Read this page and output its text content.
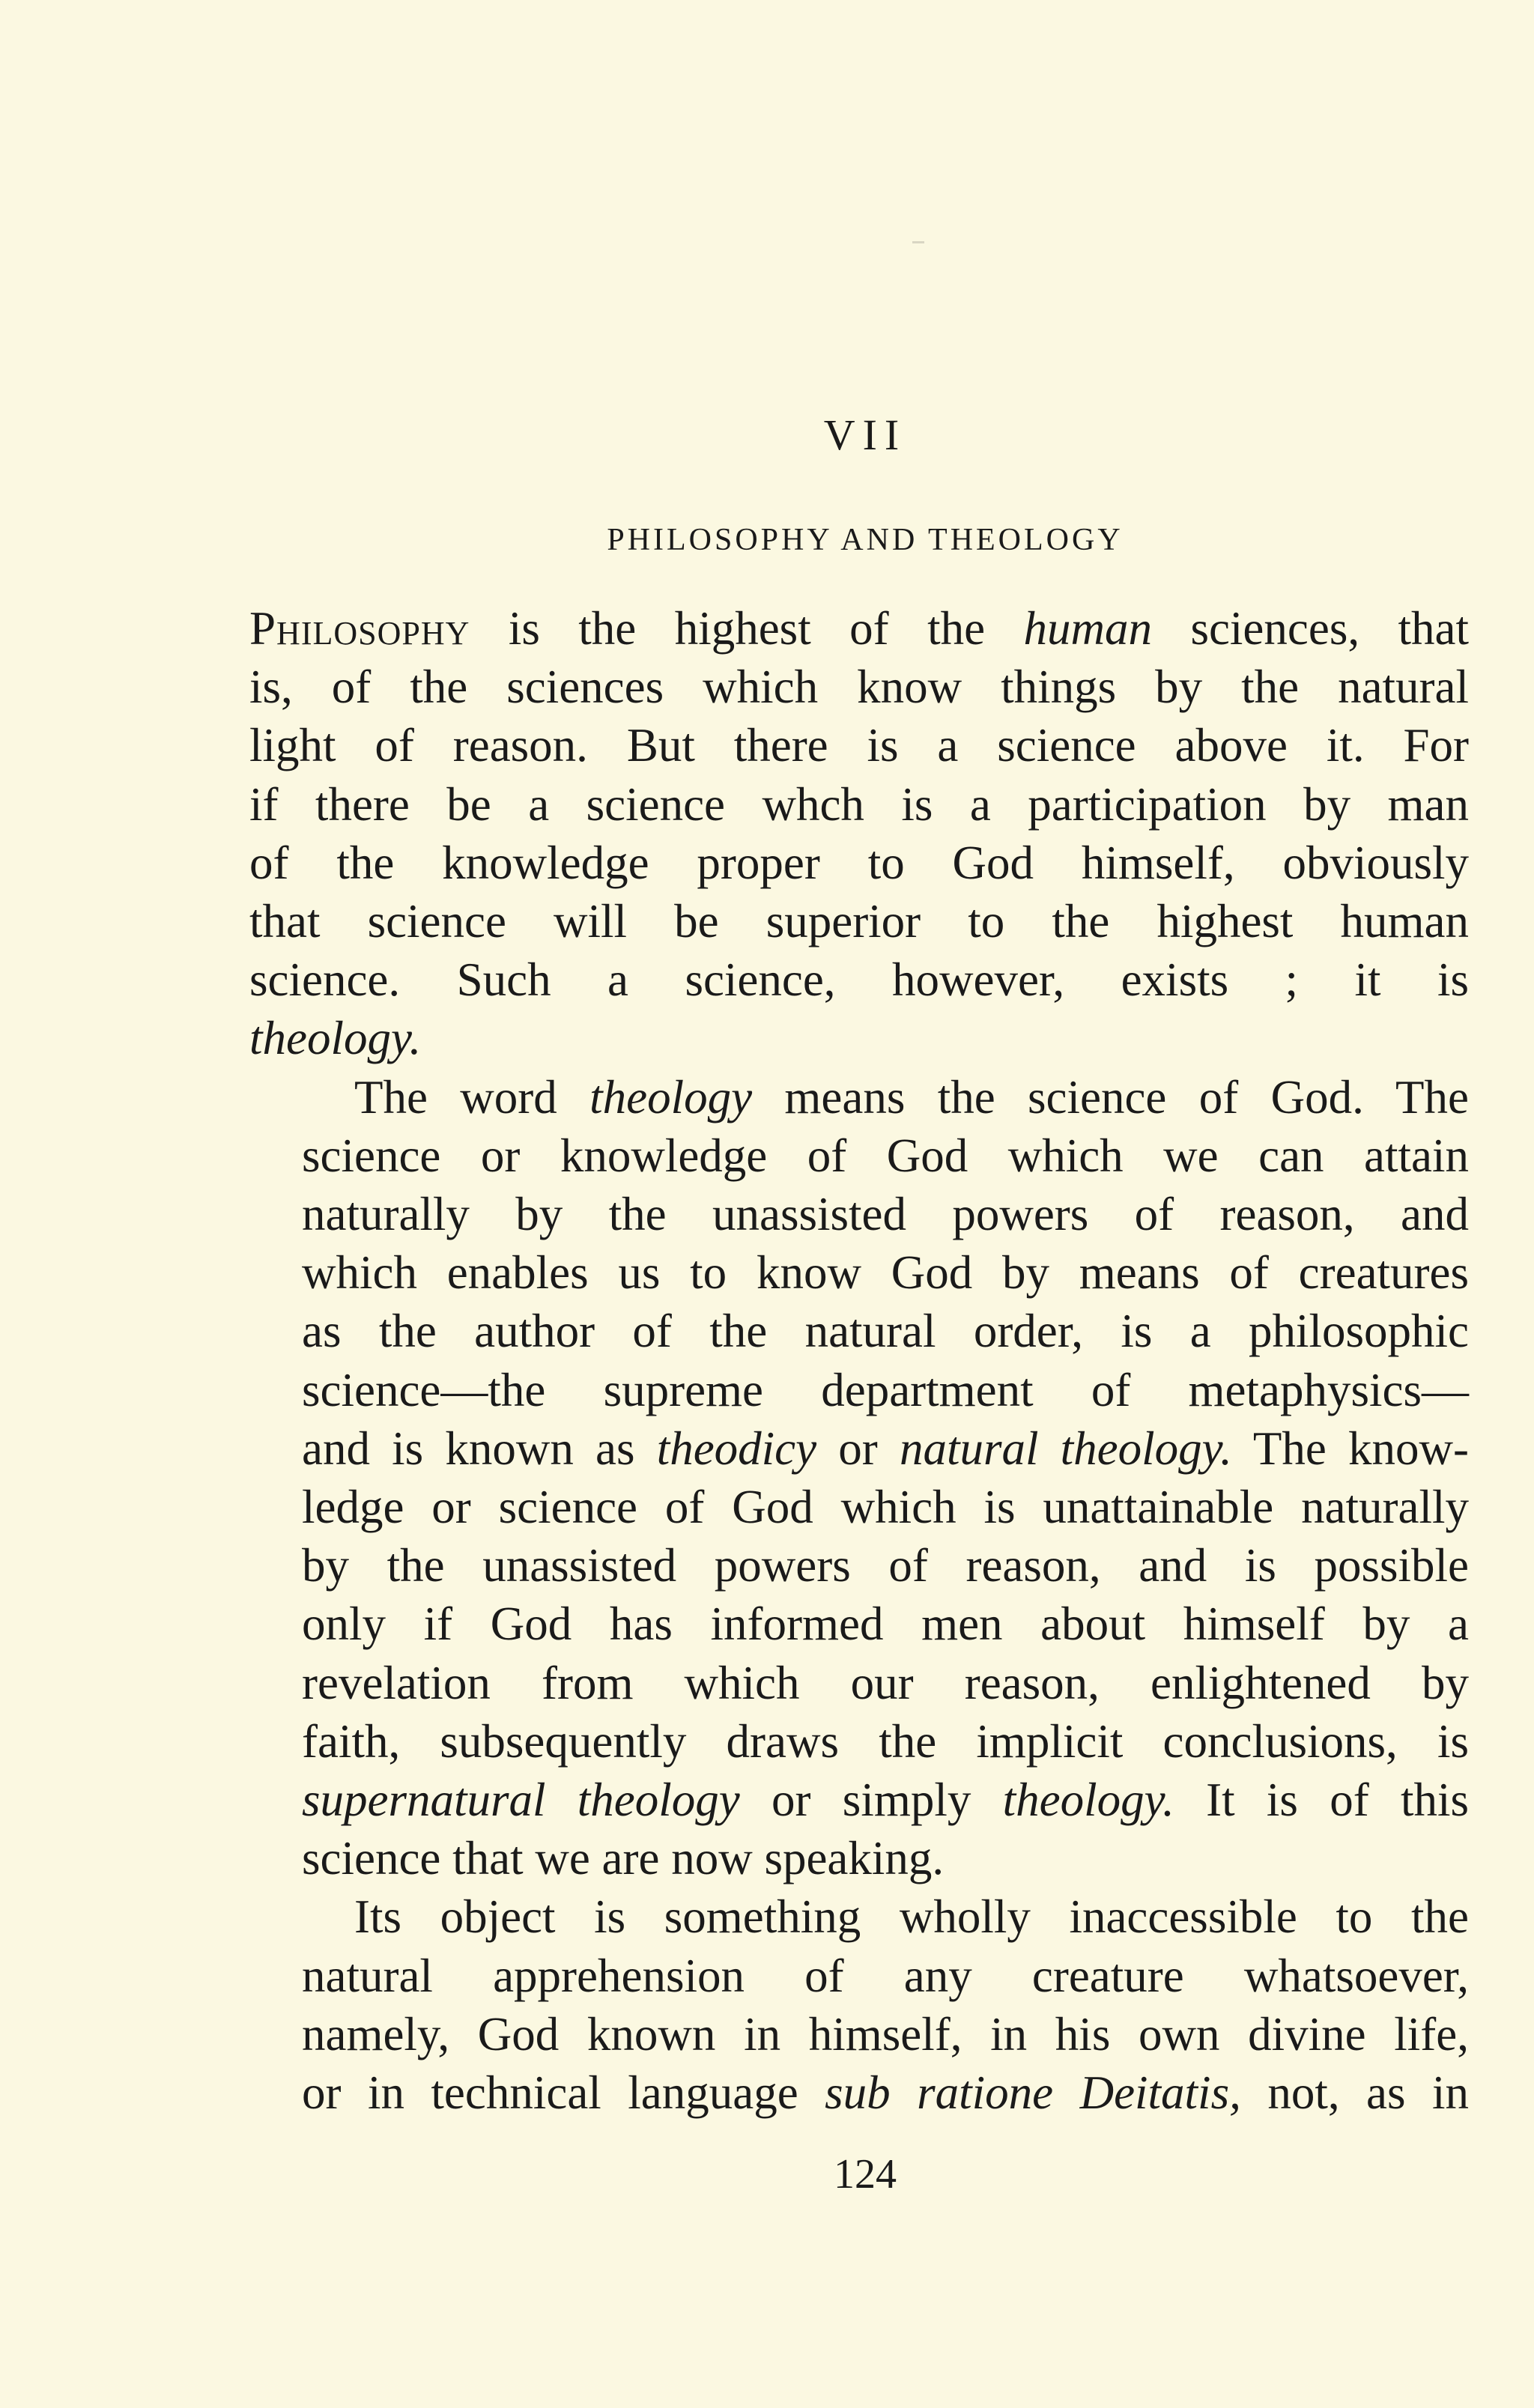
VII
PHILOSOPHY AND THEOLOGY

Philosophy is the highest of the human sciences, that
is, of the sciences which know things by the natural
light of reason. But there is a science above it. For
if there be a science whch is a participation by man
of the knowledge proper to God himself, obviously
that science will be superior to the highest human
science. Such a science, however, exists ; it is
theology.

The word theology means the science of God. The
science or knowledge of God which we can attain
naturally by the unassisted powers of reason, and
which enables us to know God by means of creatures
as the author of the natural order, is a philosophic
science—the supreme department of metaphysics—
and is known as theodicy or natural theology. The know-
ledge or science of God which is unattainable naturally
by the unassisted powers of reason, and is possible
only if God has informed men about himself by a
revelation from which our reason, enlightened by
faith, subsequently draws the implicit conclusions, is
supernatural theology or simply theology. It is of this
science that we are now speaking.

Its object is something wholly inaccessible to the
natural apprehension of any creature whatsoever,
namely, God known in himself, in his own divine life,
or in technical language sub ratione Deitatis, not, as in

124
